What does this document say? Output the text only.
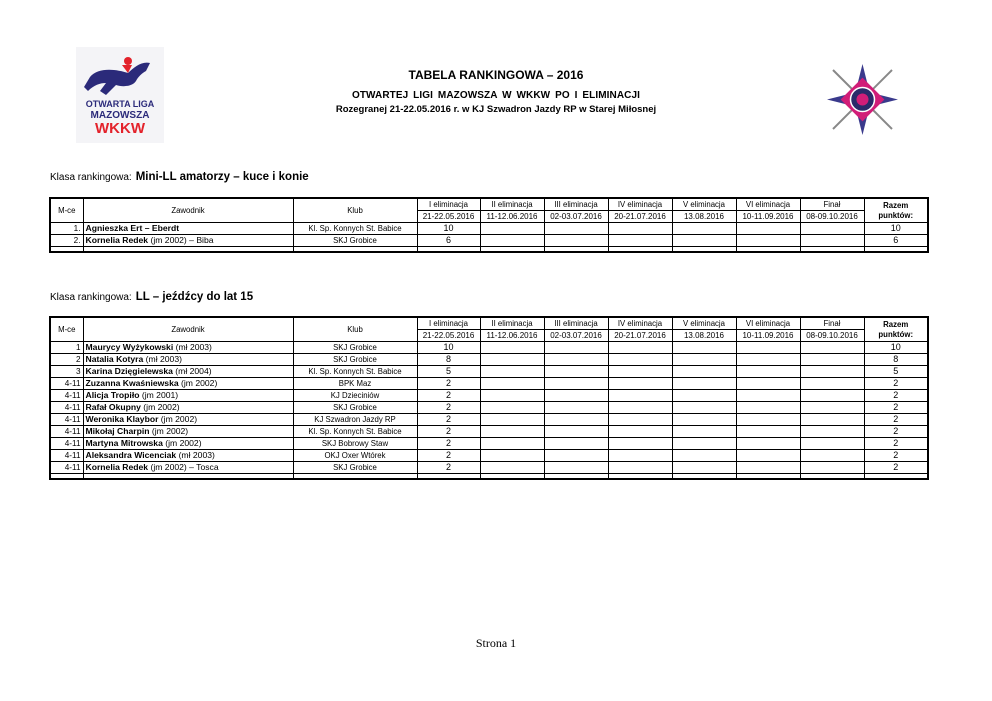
OTWARTA LIGA
MAZOWSZA
WKKW
TABELA RANKINGOWA – 2016
OTWARTEJ LIGI MAZOWSZA W WKKW PO I ELIMINACJI
Rozegranej 21-22.05.2016 r. w KJ Szwadron Jazdy RP w Starej Miłosnej
Klasa rankingowa: Mini-LL amatorzy – kuce i konie
M-ce	Zawodnik	Klub	I eliminacja	II eliminacja	III eliminacja	IV eliminacja	V eliminacja	VI eliminacja	Finał	Razem
punktów:
			21-22.05.2016	11-12.06.2016	02-03.07.2016	20-21.07.2016	13.08.2016	10-11.09.2016	08-09.10.2016	
1.	Agnieszka Ert – Eberdt	Kl. Sp. Konnych St. Babice	10							10
2.	Kornelia Redek (jm 2002) – Biba	SKJ Grobice	6							6

Klasa rankingowa: LL – jeźdźcy do lat 15
M-ce	Zawodnik	Klub	I eliminacja	II eliminacja	III eliminacja	IV eliminacja	V eliminacja	VI eliminacja	Finał	Razem
punktów:
			21-22.05.2016	11-12.06.2016	02-03.07.2016	20-21.07.2016	13.08.2016	10-11.09.2016	08-09.10.2016	
1	Maurycy Wyżykowski (mł 2003)	SKJ Grobice	10							10
2	Natalia Kotyra (mł 2003)	SKJ Grobice	8							8
3	Karina Dzięgielewska (mł 2004)	Kl. Sp. Konnych St. Babice	5							5
4-11	Zuzanna Kwaśniewska (jm 2002)	BPK Maz	2							2
4-11	Alicja Tropiło (jm 2001)	KJ Dzieciniów	2							2
4-11	Rafał Okupny (jm 2002)	SKJ Grobice	2							2
4-11	Weronika Klaybor (jm 2002)	KJ Szwadron Jazdy RP	2							2
4-11	Mikołaj Charpin (jm 2002)	Kl. Sp. Konnych St. Babice	2							2
4-11	Martyna Mitrowska (jm 2002)	SKJ Bobrowy Staw	2							2
4-11	Aleksandra Wicenciak (mł 2003)	OKJ Oxer Wtórek	2							2
4-11	Kornelia Redek (jm 2002) – Tosca	SKJ Grobice	2							2

Strona 1
